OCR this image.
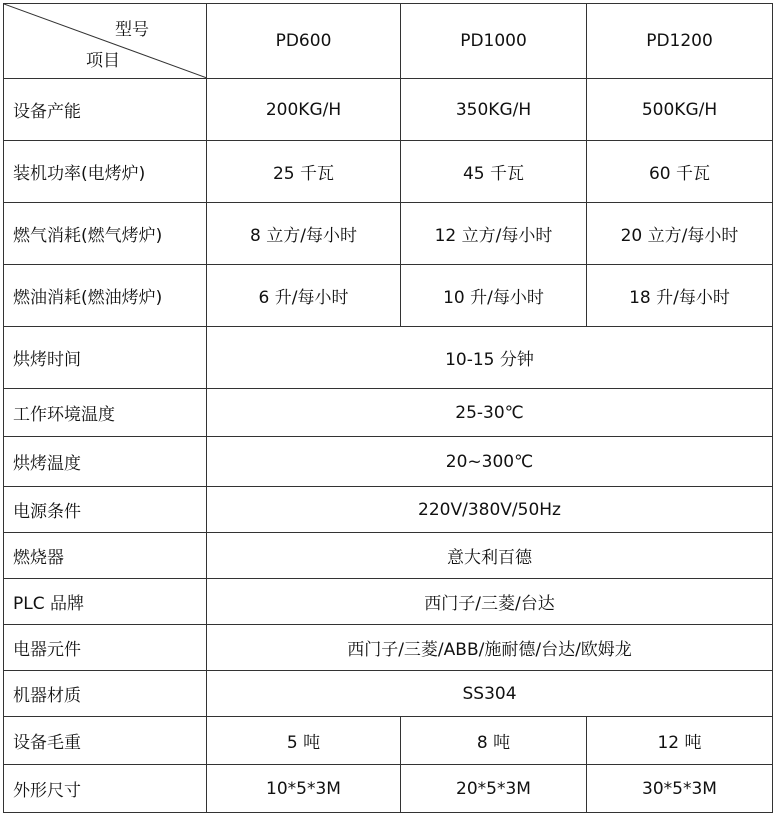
型号
项目	PD600	PD1000	PD1200
设备产能	200KG/H	350KG/H	500KG/H
装机功率(电烤炉)	25 千瓦	45 千瓦	60 千瓦
燃气消耗(燃气烤炉)	8 立方/每小时	12 立方/每小时	20 立方/每小时
燃油消耗(燃油烤炉)	6 升/每小时	10 升/每小时	18 升/每小时
烘烤时间	10-15 分钟		
工作环境温度	25-30℃		
烘烤温度	20~300℃		
电源条件	220V/380V/50Hz		
燃烧器	意大利百德		
PLC 品牌	西门子/三菱/台达		
电器元件	西门子/三菱/ABB/施耐德/台达/欧姆龙		
机器材质	SS304		
设备毛重	5 吨	8 吨	12 吨
外形尺寸	10*5*3M	20*5*3M	30*5*3M
